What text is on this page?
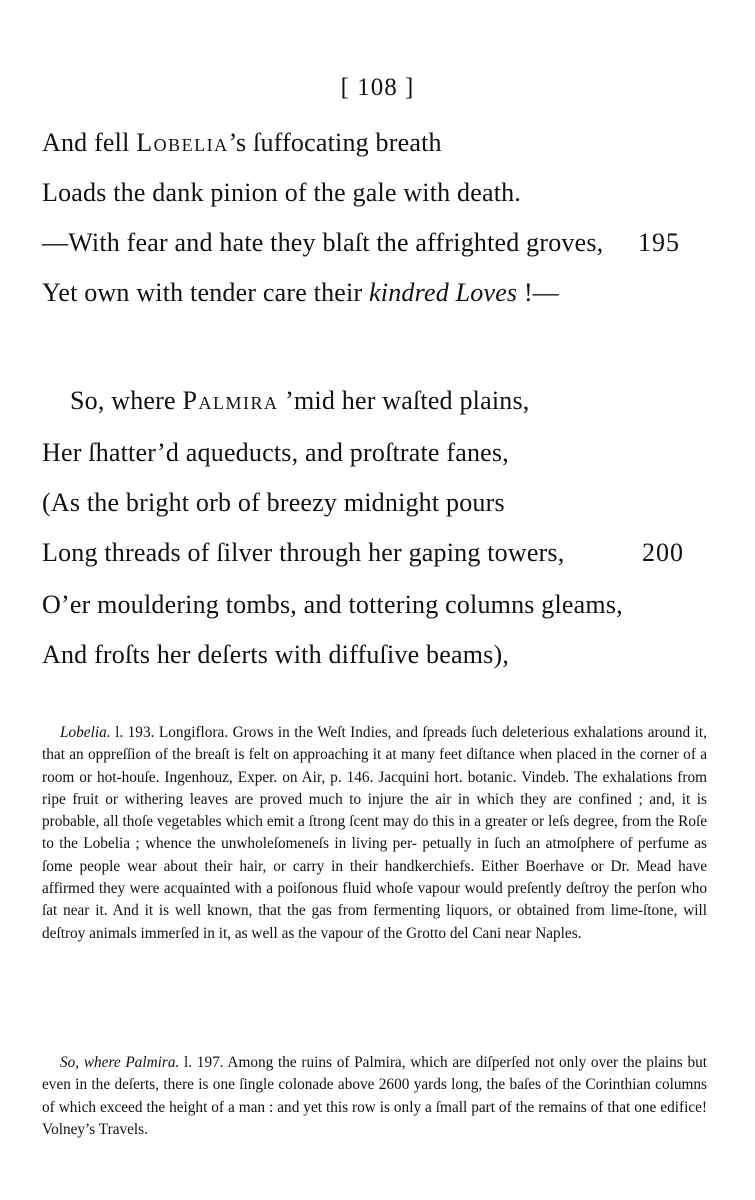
[ 108 ]

And fell Lobelia’s ſuffocating breath

Loads the dank pinion of the gale with death.

—With fear and hate they blaſt the affrighted groves, 195

Yet own with tender care their kindred Loves !—

So, where Palmira ’mid her waſted plains,

Her ſhatter’d aqueducts, and proſtrate fanes,

(As the bright orb of breezy midnight pours

Long threads of ſilver through her gaping towers,	200

O’er mouldering tombs, and tottering columns gleams,

And froſts her deſerts with diffuſive beams),

Lobelia. l. 193. Longiflora. Grows in the Weſt Indies, and ſpreads ſuch deleterious exhalations around it, that an oppreſſion of the breaſt is felt on approaching it at many feet diſtance when placed in the corner of a room or hot-houſe. Ingenhouz, Exper. on Air, p. 146. Jacquini hort. botanic. Vindeb. The exhalations from ripe fruit or withering leaves are proved much to injure the air in which they are confined ; and, it is probable, all thoſe vegetables which emit a ſtrong ſcent may do this in a greater or leſs degree, from the Roſe to the Lobelia ; whence the unwholeſomeneſs in living per- petually in ſuch an atmoſphere of perfume as ſome people wear about their hair, or carry in their handkerchiefs. Either Boerhave or Dr. Mead have affirmed they were acquainted with a poiſonous fluid whoſe vapour would preſently deſtroy the perſon who ſat near it. And it is well known, that the gas from fermenting liquors, or obtained from lime-ſtone, will deſtroy animals immerſed in it, as well as the vapour of the Grotto del Cani near Naples.

So, where Palmira. l. 197. Among the ruins of Palmira, which are diſperſed not only over the plains but even in the deſerts, there is one ſingle colonade above 2600 yards long, the baſes of the Corinthian columns of which exceed the height of a man : and yet this row is only a ſmall part of the remains of that one edifice! Volney’s Travels.
